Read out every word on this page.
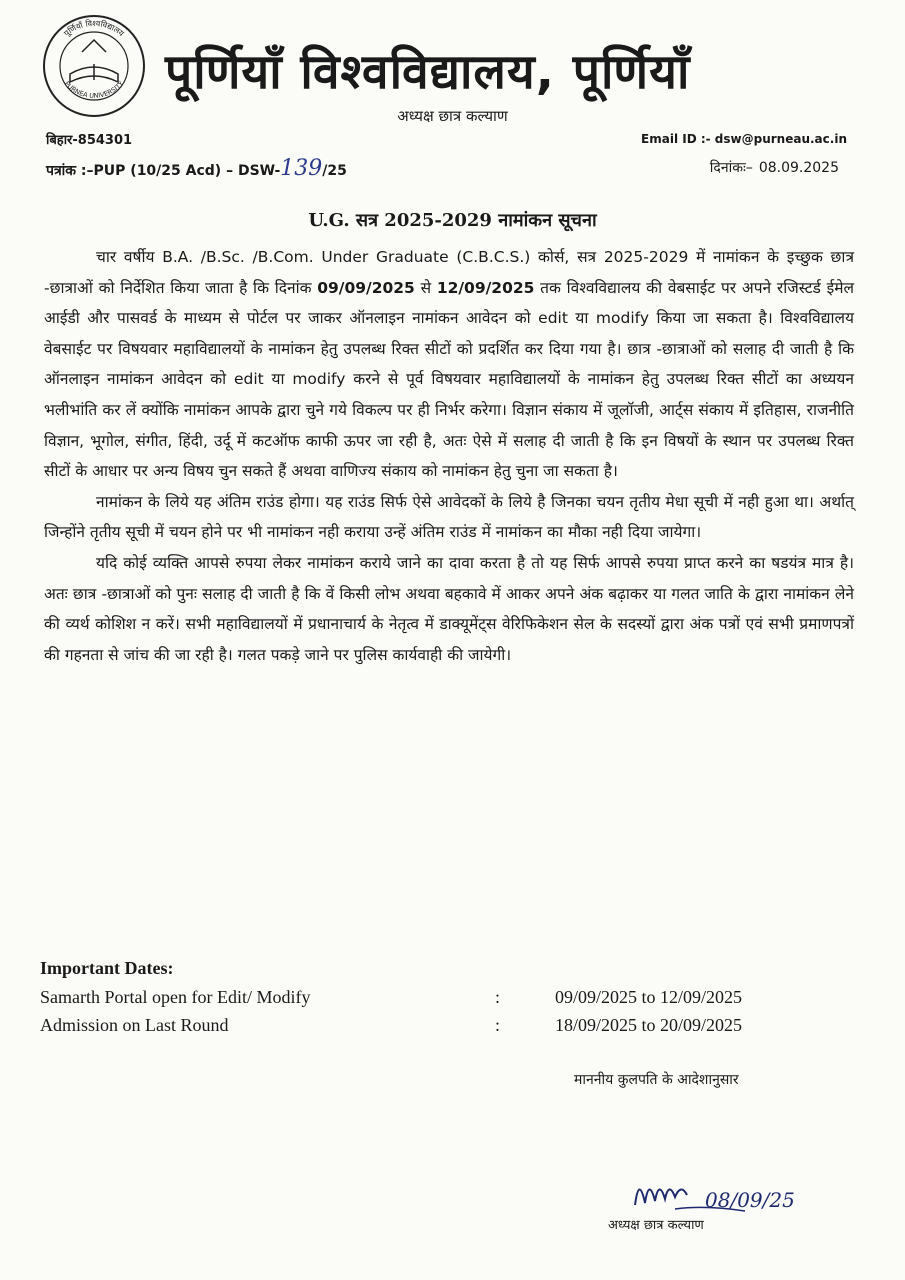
पूर्णियाँ विश्वविद्यालय
PURNEA UNIVERSITY पूर्णियाँ विश्वविद्यालय, पूर्णियाँ
अध्यक्ष छात्र कल्याण
बिहार-854301	Email ID :- dsw@purneau.ac.in
पत्रांक :–PUP (10/25 Acd) – DSW-139/25	दिनांकः– 08.09.2025
U.G. सत्र 2025-2029 नामांकन सूचना

चार वर्षीय B.A. /B.Sc. /B.Com. Under Graduate (C.B.C.S.) कोर्स, सत्र 2025-2029 में नामांकन के इच्छुक छात्र -छात्राओं को निर्देशित किया जाता है कि दिनांक 09/09/2025 से 12/09/2025 तक विश्वविद्यालय की वेबसाईट पर अपने रजिस्टर्ड ईमेल आईडी और पासवर्ड के माध्यम से पोर्टल पर जाकर ऑनलाइन नामांकन आवेदन को edit या modify किया जा सकता है। विश्वविद्यालय वेबसाईट पर विषयवार महाविद्यालयों के नामांकन हेतु उपलब्ध रिक्त सीटों को प्रदर्शित कर दिया गया है। छात्र -छात्राओं को सलाह दी जाती है कि ऑनलाइन नामांकन आवेदन को edit या modify करने से पूर्व विषयवार महाविद्यालयों के नामांकन हेतु उपलब्ध रिक्त सीटों का अध्ययन भलीभांति कर लें क्योंकि नामांकन आपके द्वारा चुने गये विकल्प पर ही निर्भर करेगा। विज्ञान संकाय में जूलॉजी, आर्ट्स संकाय में इतिहास, राजनीति विज्ञान, भूगोल, संगीत, हिंदी, उर्दू में कटऑफ काफी ऊपर जा रही है, अतः ऐसे में सलाह दी जाती है कि इन विषयों के स्थान पर उपलब्ध रिक्त सीटों के आधार पर अन्य विषय चुन सकते हैं अथवा वाणिज्य संकाय को नामांकन हेतु चुना जा सकता है।

नामांकन के लिये यह अंतिम राउंड होगा। यह राउंड सिर्फ ऐसे आवेदकों के लिये है जिनका चयन तृतीय मेधा सूची में नही हुआ था। अर्थात् जिन्होंने तृतीय सूची में चयन होने पर भी नामांकन नही कराया उन्हें अंतिम राउंड में नामांकन का मौका नही दिया जायेगा।

यदि कोई व्यक्ति आपसे रुपया लेकर नामांकन कराये जाने का दावा करता है तो यह सिर्फ आपसे रुपया प्राप्त करने का षडयंत्र मात्र है। अतः छात्र -छात्राओं को पुनः सलाह दी जाती है कि वें किसी लोभ अथवा बहकावे में आकर अपने अंक बढ़ाकर या गलत जाति के द्वारा नामांकन लेने की व्यर्थ कोशिश न करें। सभी महाविद्यालयों में प्रधानाचार्य के नेतृत्व में डाक्यूमेंट्स वेरिफिकेशन सेल के सदस्यों द्वारा अंक पत्रों एवं सभी प्रमाणपत्रों की गहनता से जांच की जा रही है। गलत पकड़े जाने पर पुलिस कार्यवाही की जायेगी।

Important Dates:
Samarth Portal open for Edit/ Modify	:	09/09/2025 to 12/09/2025
Admission on Last Round	:	18/09/2025 to 20/09/2025
माननीय कुलपति के आदेशानुसार
08/09/25
अध्यक्ष छात्र कल्याण
